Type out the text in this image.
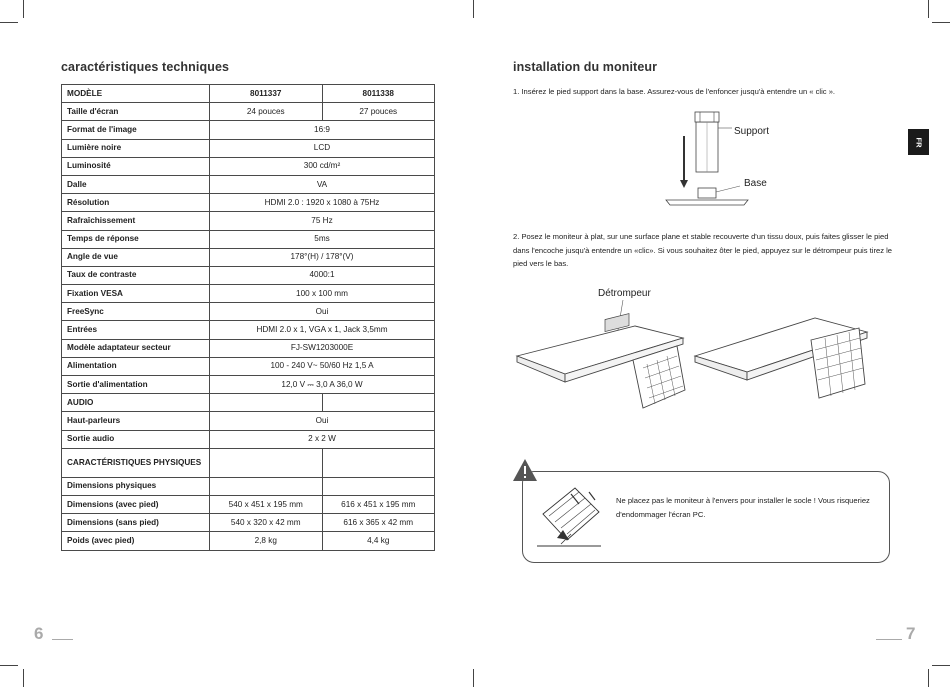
caractéristiques techniques
MODÈLE	8011337	8011338
Taille d'écran	24 pouces	27 pouces
Format de l'image	16:9	
Lumière noire	LCD	
Luminosité	300 cd/m²	
Dalle	VA	
Résolution	HDMI 2.0 : 1920 x 1080 à 75Hz	
Rafraîchissement	75 Hz	
Temps de réponse	5ms	
Angle de vue	178°(H) / 178°(V)	
Taux de contraste	4000:1	
Fixation VESA	100 x 100 mm	
FreeSync	Oui	
Entrées	HDMI 2.0 x 1, VGA x 1, Jack 3,5mm	
Modèle adaptateur secteur	FJ-SW1203000E	
Alimentation	100 - 240 V~ 50/60 Hz 1,5 A	
Sortie d'alimentation	12,0 V ⎓ 3,0 A 36,0 W	
AUDIO		
Haut-parleurs	Oui	
Sortie audio	2 x 2 W	
CARACTÉRISTIQUES PHYSIQUES		
Dimensions physiques		
Dimensions (avec pied)	540 x 451 x 195 mm	616 x 451 x 195 mm
Dimensions (sans pied)	540 x 320 x 42 mm	616 x 365 x 42 mm
Poids (avec pied)	2,8 kg	4,4 kg
6
installation du moniteur
1. Insérez le pied support dans la base. Assurez-vous de l'enfoncer jusqu'à entendre un « clic ».
FR
Support
Base
2. Posez le moniteur à plat, sur une surface plane et stable recouverte d'un tissu doux, puis faites glisser le pied dans l'encoche jusqu'à entendre un «clic». Si vous souhaitez ôter le pied, appuyez sur le détrompeur puis tirez le pied vers le bas.
Détrompeur
Ne placez pas le moniteur à l'envers pour installer le socle ! Vous risqueriez d'endommager l'écran PC.
7
